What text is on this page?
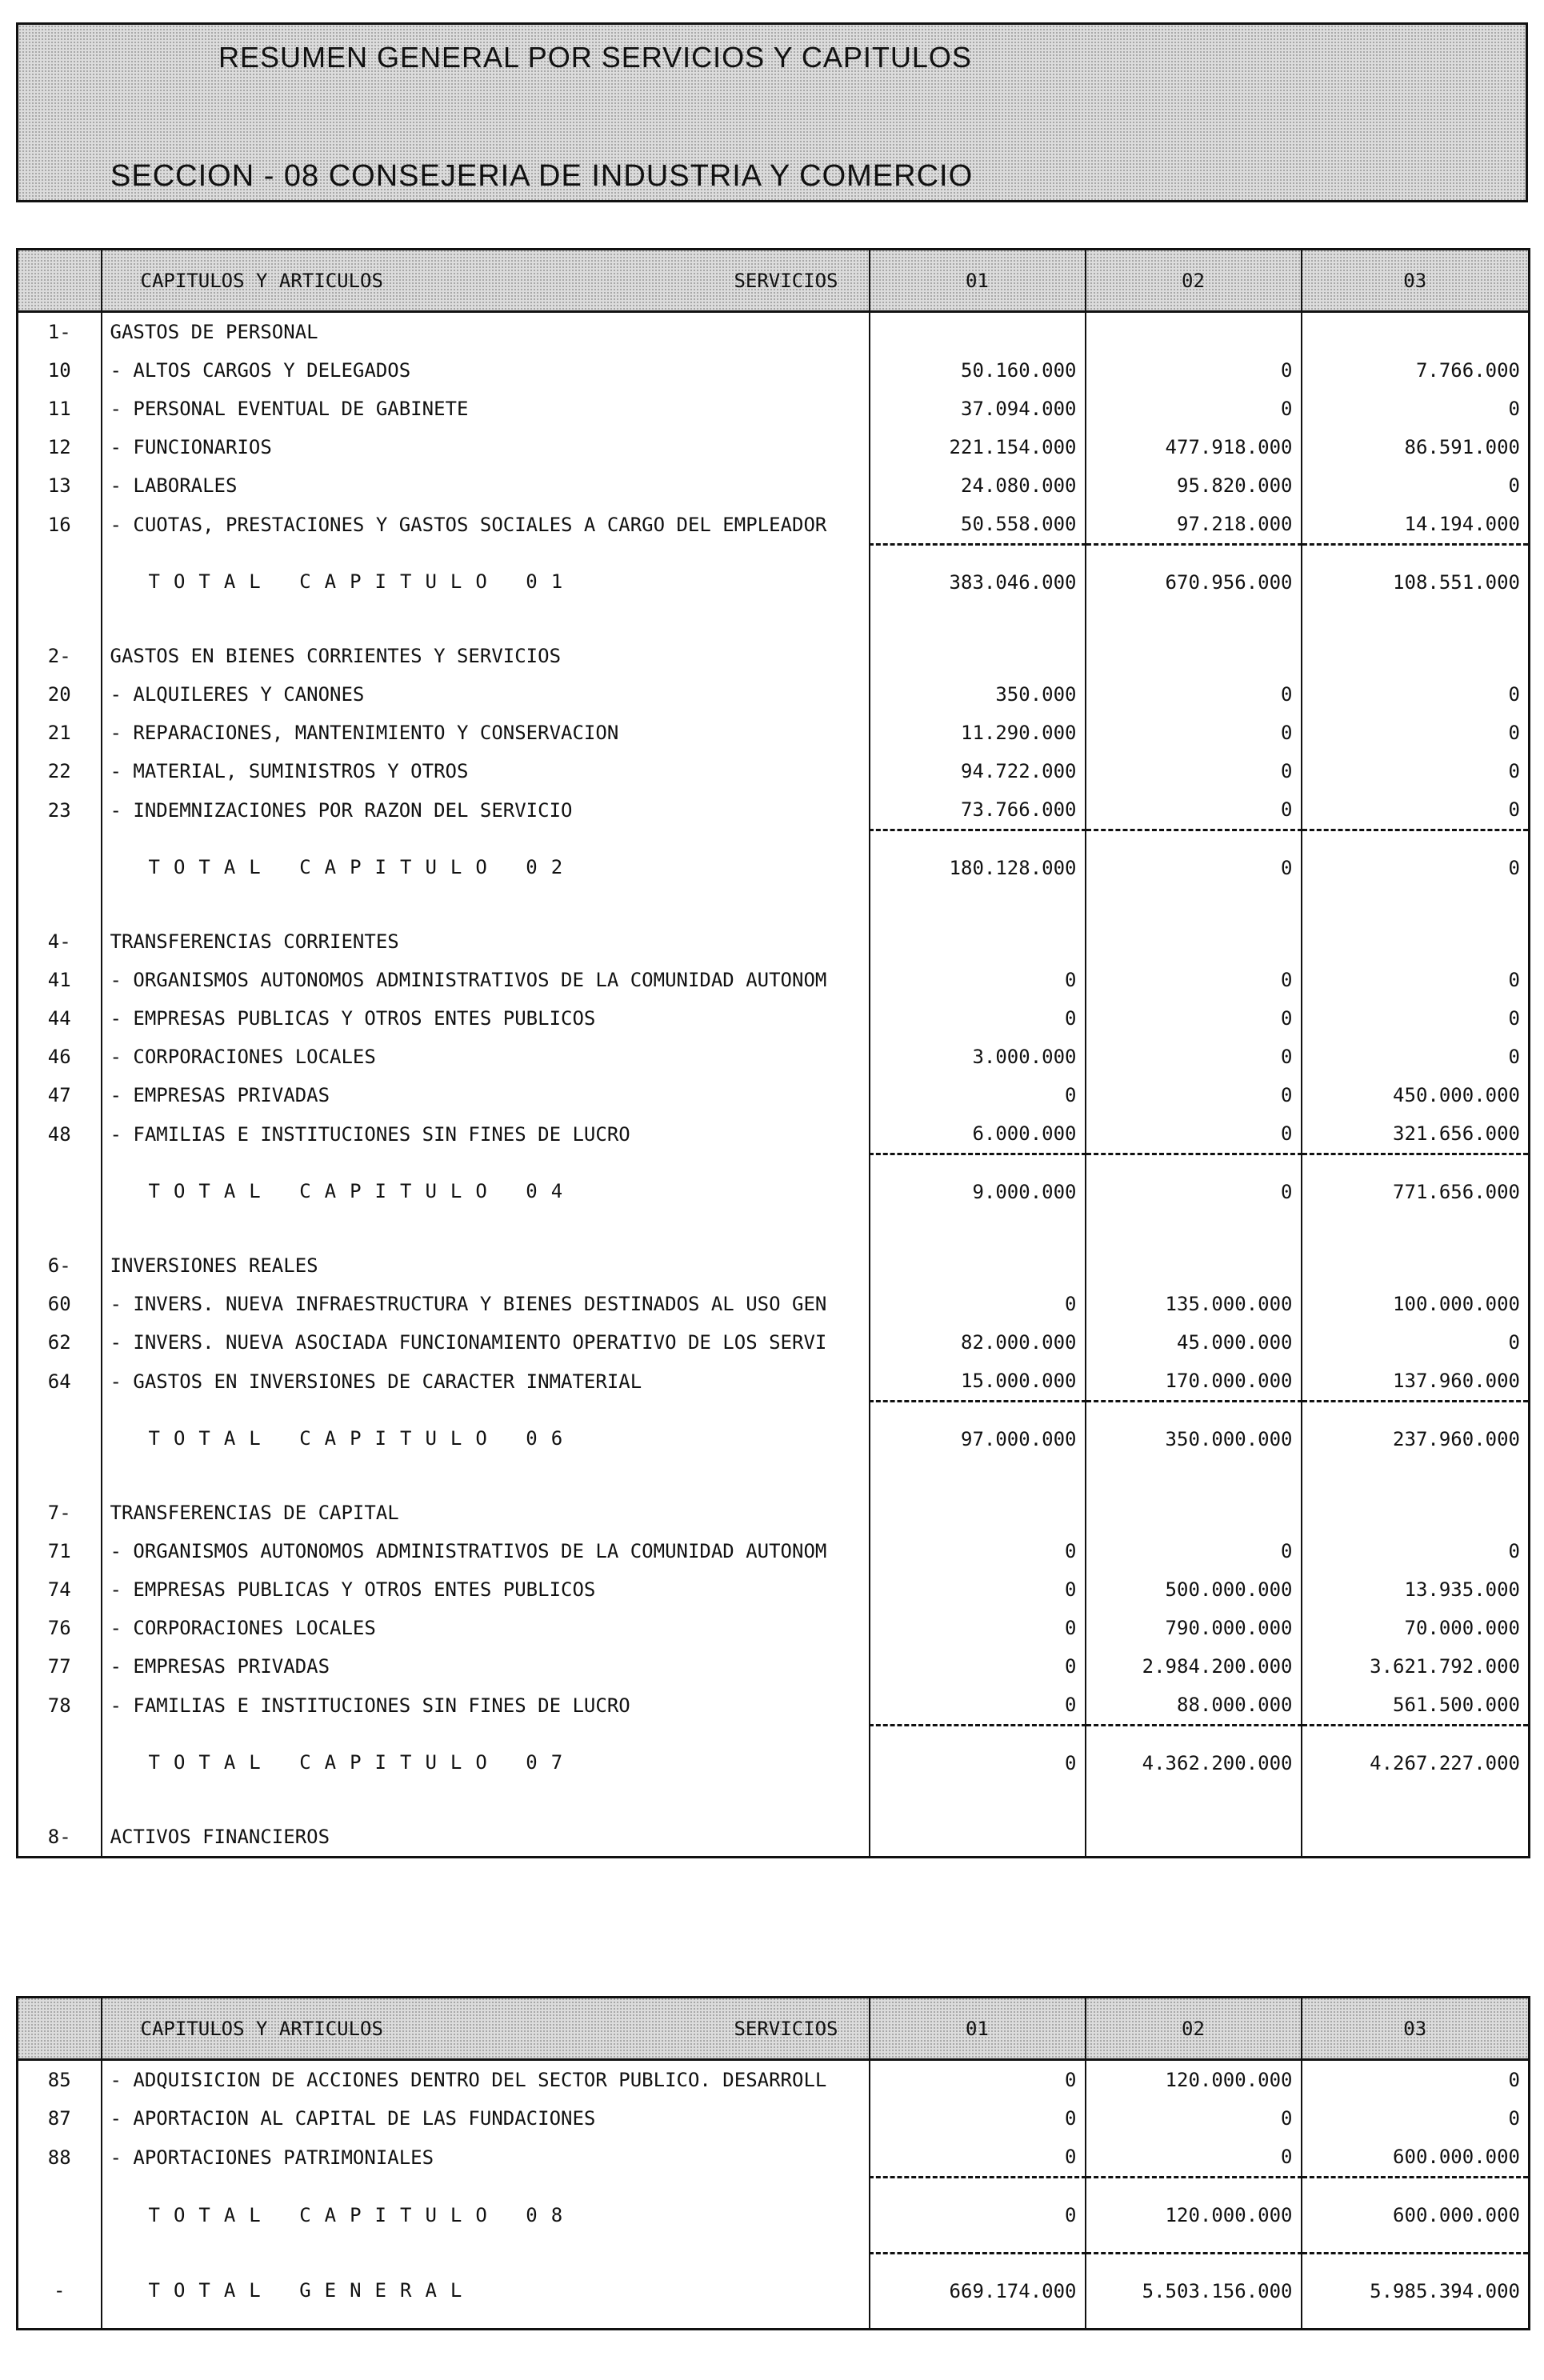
RESUMEN GENERAL POR SERVICIOS Y CAPITULOS
SECCION - 08 CONSEJERIA DE INDUSTRIA Y COMERCIO

	CAPITULOS Y ARTICULOS SERVICIOS	01	02	03
1-	GASTOS DE PERSONAL			
10	- ALTOS CARGOS Y DELEGADOS	50.160.000	0	7.766.000
11	- PERSONAL EVENTUAL DE GABINETE	37.094.000	0	0
12	- FUNCIONARIOS	221.154.000	477.918.000	86.591.000
13	- LABORALES	24.080.000	95.820.000	0
16	- CUOTAS, PRESTACIONES Y GASTOS SOCIALES A CARGO DEL EMPLEADOR	50.558.000	97.218.000	14.194.000
	TOTAL CAPITULO 01	383.046.000	670.956.000	108.551.000

2-	GASTOS EN BIENES CORRIENTES Y SERVICIOS			
20	- ALQUILERES Y CANONES	350.000	0	0
21	- REPARACIONES, MANTENIMIENTO Y CONSERVACION	11.290.000	0	0
22	- MATERIAL, SUMINISTROS Y OTROS	94.722.000	0	0
23	- INDEMNIZACIONES POR RAZON DEL SERVICIO	73.766.000	0	0
	TOTAL CAPITULO 02	180.128.000	0	0

4-	TRANSFERENCIAS CORRIENTES			
41	- ORGANISMOS AUTONOMOS ADMINISTRATIVOS DE LA COMUNIDAD AUTONOM	0	0	0
44	- EMPRESAS PUBLICAS Y OTROS ENTES PUBLICOS	0	0	0
46	- CORPORACIONES LOCALES	3.000.000	0	0
47	- EMPRESAS PRIVADAS	0	0	450.000.000
48	- FAMILIAS E INSTITUCIONES SIN FINES DE LUCRO	6.000.000	0	321.656.000
	TOTAL CAPITULO 04	9.000.000	0	771.656.000

6-	INVERSIONES REALES			
60	- INVERS. NUEVA INFRAESTRUCTURA Y BIENES DESTINADOS AL USO GEN	0	135.000.000	100.000.000
62	- INVERS. NUEVA ASOCIADA FUNCIONAMIENTO OPERATIVO DE LOS SERVI	82.000.000	45.000.000	0
64	- GASTOS EN INVERSIONES DE CARACTER INMATERIAL	15.000.000	170.000.000	137.960.000
	TOTAL CAPITULO 06	97.000.000	350.000.000	237.960.000

7-	TRANSFERENCIAS DE CAPITAL			
71	- ORGANISMOS AUTONOMOS ADMINISTRATIVOS DE LA COMUNIDAD AUTONOM	0	0	0
74	- EMPRESAS PUBLICAS Y OTROS ENTES PUBLICOS	0	500.000.000	13.935.000
76	- CORPORACIONES LOCALES	0	790.000.000	70.000.000
77	- EMPRESAS PRIVADAS	0	2.984.200.000	3.621.792.000
78	- FAMILIAS E INSTITUCIONES SIN FINES DE LUCRO	0	88.000.000	561.500.000
	TOTAL CAPITULO 07	0	4.362.200.000	4.267.227.000

8-	ACTIVOS FINANCIEROS			

	CAPITULOS Y ARTICULOS SERVICIOS	01	02	03
85	- ADQUISICION DE ACCIONES DENTRO DEL SECTOR PUBLICO. DESARROLL	0	120.000.000	0
87	- APORTACION AL CAPITAL DE LAS FUNDACIONES	0	0	0
88	- APORTACIONES PATRIMONIALES	0	0	600.000.000
	TOTAL CAPITULO 08	0	120.000.000	600.000.000
-	TOTAL GENERAL	669.174.000	5.503.156.000	5.985.394.000
